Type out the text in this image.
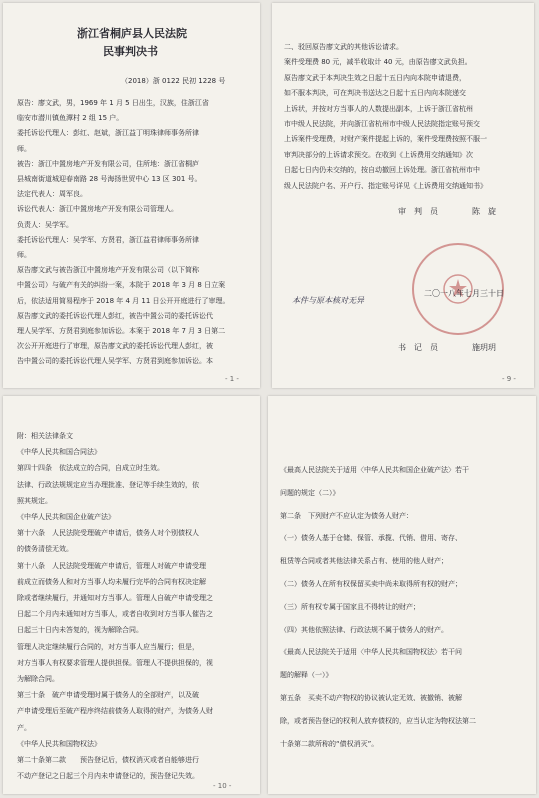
浙江省桐庐县人民法院
民事判决书
（2018）浙 0122 民初 1228 号
原告：廖文武，男，1969 年 1 月 5 日出生，汉族，住浙江省
临安市潜川镇鱼潭村 2 组 15 户。
委托诉讼代理人：彭红、赵斌，浙江益丁明珠律师事务所律
师。
被告：浙江中置房地产开发有限公司，住所地：浙江省桐庐
县城南街道城迎春南路 28 号海扬世贸中心 13 区 301 号。
法定代表人：周军良。
诉讼代表人：浙江中置房地产开发有限公司管理人。
负责人：吴学军。
委托诉讼代理人：吴学军、方贤君，浙江益君律师事务所律
师。
原告廖文武与被告浙江中置房地产开发有限公司（以下简称
中置公司）与破产有关的纠纷一案，本院于 2018 年 3 月 8 日立案
后，依法适用简易程序于 2018 年 4 月 11 日公开开庭进行了审理。
原告廖文武的委托诉讼代理人彭红，被告中置公司的委托诉讼代
理人吴学军、方贤君到庭参加诉讼。本案于 2018 年 7 月 3 日第二
次公开开庭进行了审理，原告廖文武的委托诉讼代理人彭红，被
告中置公司的委托诉讼代理人吴学军、方贤君到庭参加诉讼。本
- 1 -
二、驳回原告廖文武的其他诉讼请求。
案件受理费 80 元，减半收取计 40 元，由原告廖文武负担。
原告廖文武于本判决生效之日起十五日内向本院申请退费，
如不服本判决，可在判决书送达之日起十五日内向本院递交
上诉状，并按对方当事人的人数提出副本，上诉于浙江省杭州
市中级人民法院，并向浙江省杭州市中级人民法院指定账号预交
上诉案件受理费，对财产案件提起上诉的，案件受理费按照不服一
审判决部分的上诉请求预交。在收到《上诉费用交纳通知》次
日起七日内仍未交纳的，按自动撤回上诉处理。浙江省杭州市中
级人民法院户名、开户行、指定账号详见《上诉费用交纳通知书》
审　判　员	陈　旋
二〇一八年七月三十日
本件与原本核对无异
书　记　员	施玥玥
- 9 -
附：相关法律条文
《中华人民共和国合同法》
第四十四条　依法成立的合同，自成立时生效。
法律、行政法规规定应当办理批准、登记等手续生效的，依
照其规定。
《中华人民共和国企业破产法》
第十六条　人民法院受理破产申请后，债务人对个别债权人
的债务清偿无效。
第十八条　人民法院受理破产申请后，管理人对破产申请受理
前成立而债务人和对方当事人均未履行完毕的合同有权决定解
除或者继续履行，并通知对方当事人。管理人自破产申请受理之
日起二个月内未通知对方当事人，或者自收到对方当事人催告之
日起三十日内未答复的，视为解除合同。
管理人决定继续履行合同的，对方当事人应当履行；但是，
对方当事人有权要求管理人提供担保。管理人不提供担保的，视
为解除合同。
第三十条　破产申请受理时属于债务人的全部财产，以及破
产申请受理后至破产程序终结前债务人取得的财产，为债务人财
产。
《中华人民共和国物权法》
第二十条第二款　　预告登记后，债权消灭或者自能够进行
不动产登记之日起三个月内未申请登记的，预告登记失效。
- 10 -
《最高人民法院关于适用〈中华人民共和国企业破产法〉若干
问题的规定（二）》
第二条　下列财产不应认定为债务人财产：
（一）债务人基于仓储、保管、承揽、代销、借用、寄存、
租赁等合同或者其他法律关系占有、使用的他人财产；
（二）债务人在所有权保留买卖中尚未取得所有权的财产；
（三）所有权专属于国家且不得转让的财产；
（四）其他依照法律、行政法规不属于债务人的财产。
《最高人民法院关于适用〈中华人民共和国物权法〉若干问
题的解释（一）》
第五条　买卖不动产物权的协议被认定无效、被撤销、被解
除，或者预告登记的权利人放弃债权的，应当认定为物权法第二
十条第二款所称的“债权消灭”。
